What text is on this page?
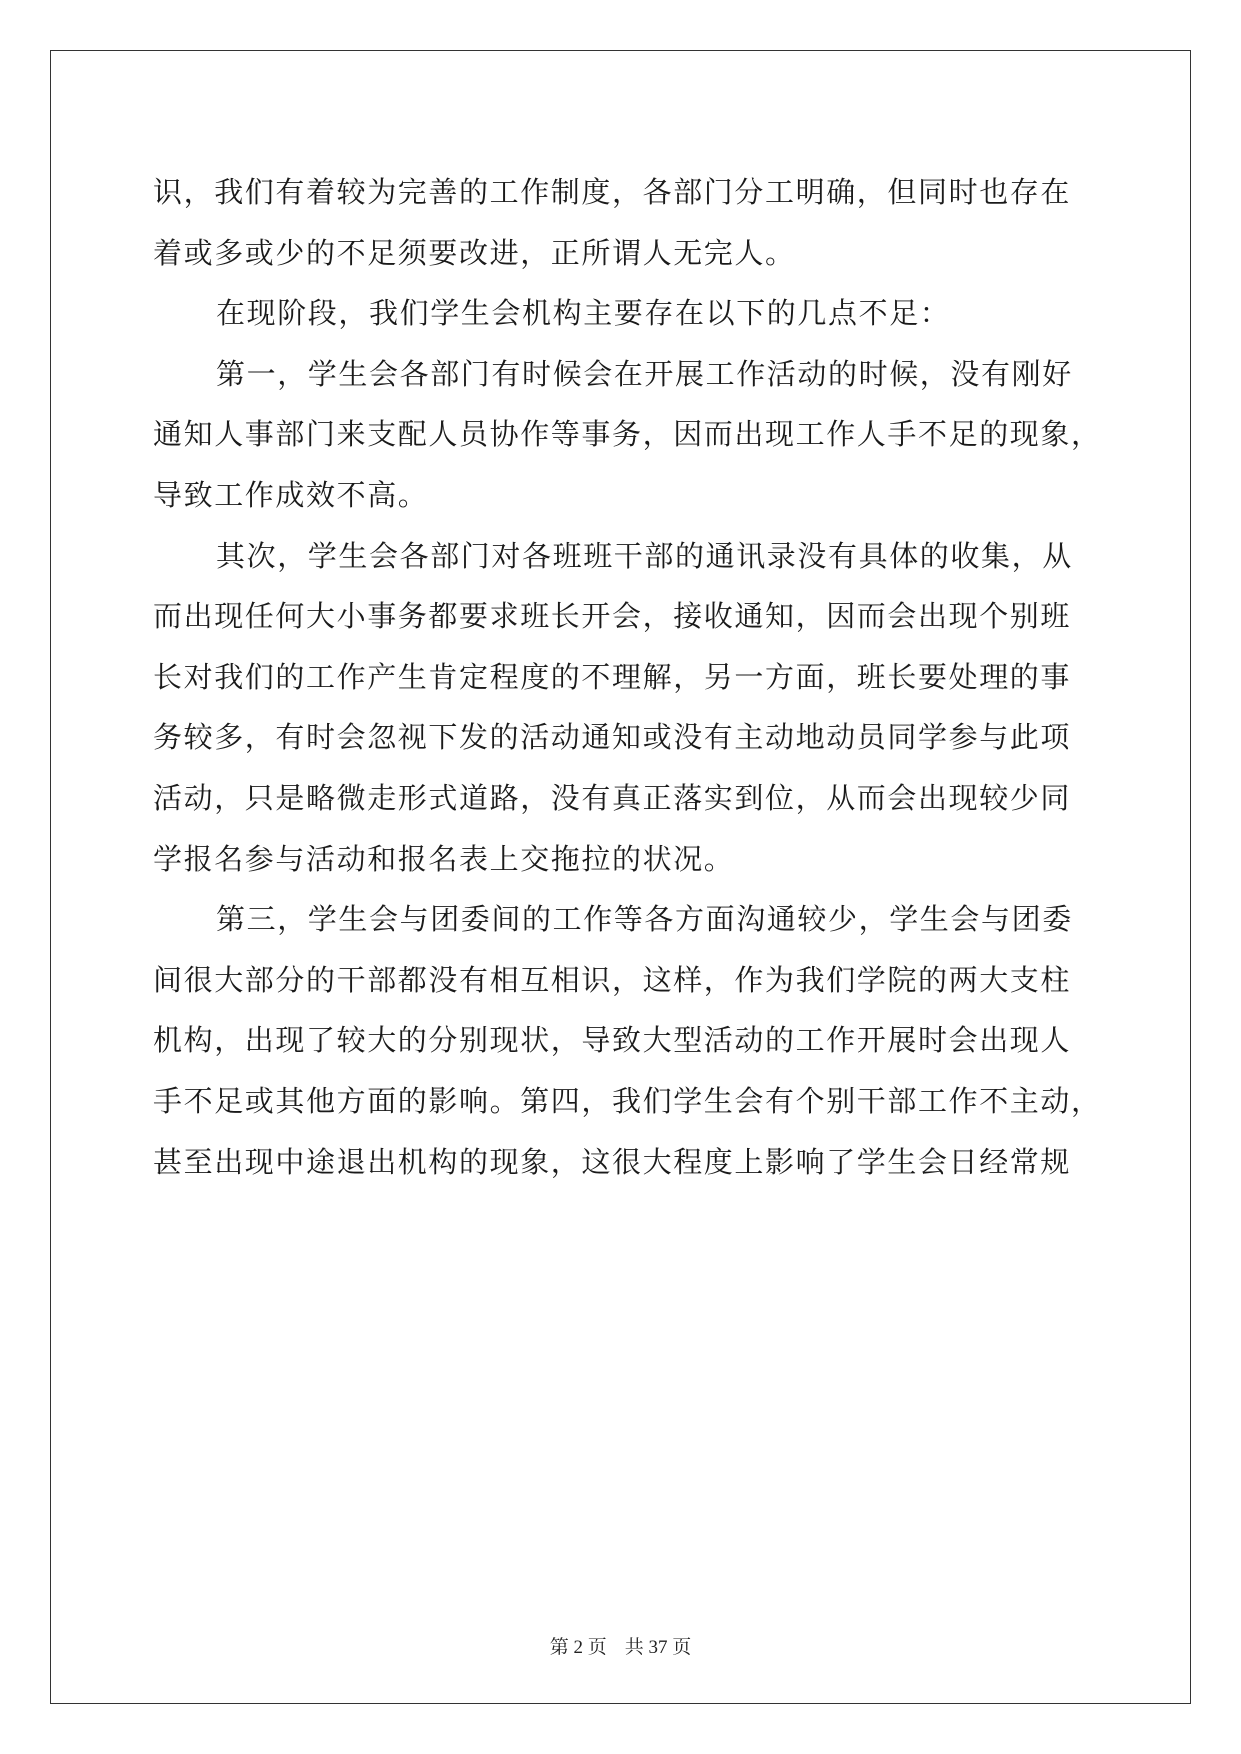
识，我们有着较为完善的工作制度，各部门分工明确，但同时也存在
着或多或少的不足须要改进，正所谓人无完人。
在现阶段，我们学生会机构主要存在以下的几点不足：
第一，学生会各部门有时候会在开展工作活动的时候，没有刚好
通知人事部门来支配人员协作等事务，因而出现工作人手不足的现象，
导致工作成效不高。
其次，学生会各部门对各班班干部的通讯录没有具体的收集，从
而出现任何大小事务都要求班长开会，接收通知，因而会出现个别班
长对我们的工作产生肯定程度的不理解，另一方面，班长要处理的事
务较多，有时会忽视下发的活动通知或没有主动地动员同学参与此项
活动，只是略微走形式道路，没有真正落实到位，从而会出现较少同
学报名参与活动和报名表上交拖拉的状况。
第三，学生会与团委间的工作等各方面沟通较少，学生会与团委
间很大部分的干部都没有相互相识，这样，作为我们学院的两大支柱
机构，出现了较大的分别现状，导致大型活动的工作开展时会出现人
手不足或其他方面的影响。第四，我们学生会有个别干部工作不主动，
甚至出现中途退出机构的现象，这很大程度上影响了学生会日经常规
第 2 页 共 37 页
